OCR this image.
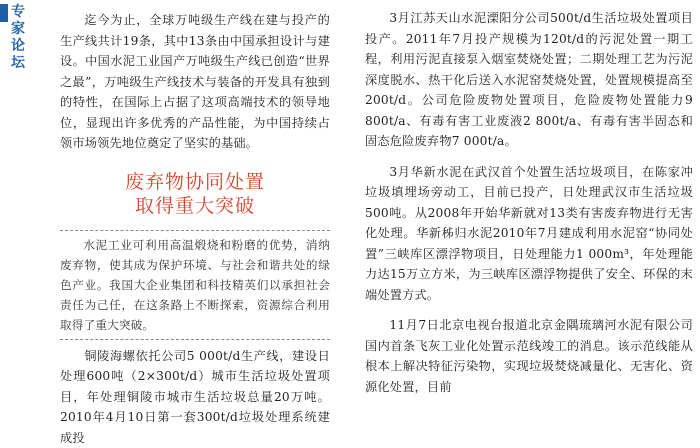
专
家
论
坛

迄今为止，全球万吨级生产线在建与投产的生产线共计19条，其中13条由中国承担设计与建设。中国水泥工业国产万吨级生产线已创造“世界之最”，万吨级生产线技术与装备的开发具有独到的特性，在国际上占据了这项高端技术的领导地位，显现出许多优秀的产品性能，为中国持续占领市场领先地位奠定了坚实的基础。

废弃物协同处置
取得重大突破

水泥工业可利用高温煅烧和粉磨的优势，消纳废弃物，使其成为保护环境、与社会和谐共处的绿色产业。我国大企业集团和科技精英们以承担社会责任为己任，在这条路上不断探索，资源综合利用取得了重大突破。

铜陵海螺依托公司5 000t/d生产线，建设日处理600吨（2×300t/d）城市生活垃圾处置项目，年处理铜陵市城市生活垃圾总量20万吨。2010年4月10日第一套300t/d垃圾处理系统建成投

3月江苏天山水泥溧阳分公司500t/d生活垃圾处置项目投产。2011年7月投产规模为120t/d的污泥处置一期工程，利用污泥直接泵入烟室焚烧处置；二期处理工艺为污泥深度脱水、热干化后送入水泥窑焚烧处置，处置规模提高至200t/d。公司危险废物处置项目，危险废物处置能力9 800t/a、有毒有害工业废液2 800t/a、有毒有害半固态和固态危险废弃物7 000t/a。

3月华新水泥在武汉首个处置生活垃圾项目，在陈家冲垃圾填埋场旁动工，目前已投产，日处理武汉市生活垃圾500吨。从2008年开始华新就对13类有害废弃物进行无害化处理。华新秭归水泥2010年7月建成利用水泥窑“协同处置”三峡库区漂浮物项目，日处理能力1 000m³，年处理能力达15万立方米，为三峡库区漂浮物提供了安全、环保的末端处置方式。

11月7日北京电视台报道北京金隅琉璃河水泥有限公司国内首条飞灰工业化处置示范线竣工的消息。该示范线能从根本上解决特征污染物，实现垃圾焚烧减量化、无害化、资源化处置，目前
